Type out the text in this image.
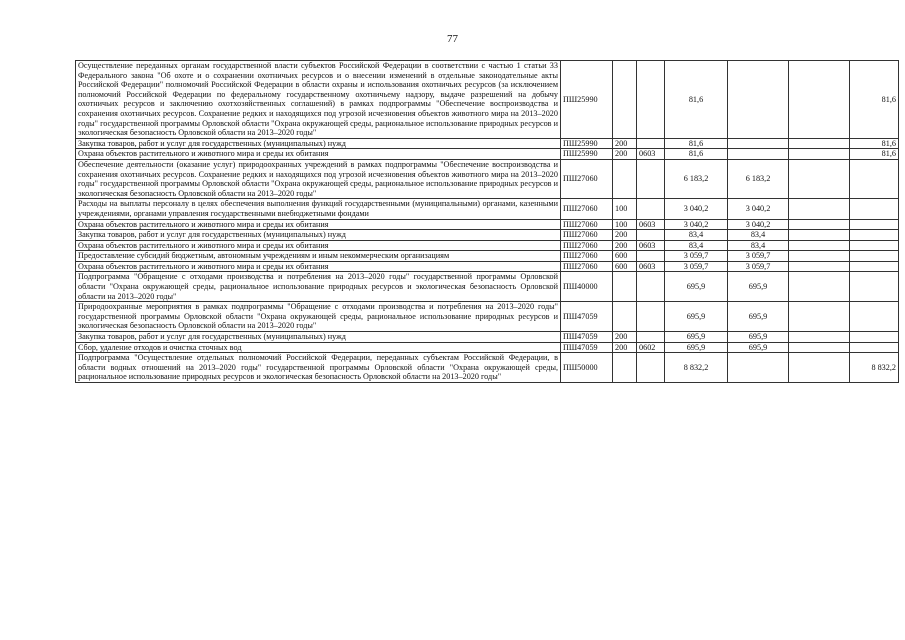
77
Осуществление переданных органам государственной власти субъектов Российской Федерации в соответствии с частью 1 статьи 33 Федерального закона "Об охоте и о сохранении охотничьих ресурсов и о внесении изменений в отдельные законодательные акты Российской Федерации" полномочий Российской Федерации в области охраны и использования охотничьих ресурсов (за исключением полномочий Российской Федерации по федеральному государственному охотничьему надзору, выдаче разрешений на добычу охотничьих ресурсов и заключению охотхозяйственных соглашений) в рамках подпрограммы "Обеспечение воспроизводства и сохранения охотничьих ресурсов. Сохранение редких и находящихся под угрозой исчезновения объектов животного мира на 2013–2020 годы" государственной программы Орловской области "Охрана окружающей среды, рациональное использование природных ресурсов и экологическая безопасность Орловской области на 2013–2020 годы"	ПШ25990			81,6			81,6
Закупка товаров, работ и услуг для государственных (муниципальных) нужд	ПШ25990	200		81,6			81,6
Охрана объектов растительного и животного мира и среды их обитания	ПШ25990	200	0603	81,6			81,6
Обеспечение деятельности (оказание услуг) природоохранных учреждений в рамках подпрограммы "Обеспечение воспроизводства и сохранения охотничьих ресурсов. Сохранение редких и находящихся под угрозой исчезновения объектов животного мира на 2013–2020 годы" государственной программы Орловской области "Охрана окружающей среды, рациональное использование природных ресурсов и экологическая безопасность Орловской области на 2013–2020 годы"	ПШ27060			6 183,2	6 183,2		
Расходы на выплаты персоналу в целях обеспечения выполнения функций государственными (муниципальными) органами, казенными учреждениями, органами управления государственными внебюджетными фондами	ПШ27060	100		3 040,2	3 040,2		
Охрана объектов растительного и животного мира и среды их обитания	ПШ27060	100	0603	3 040,2	3 040,2		
Закупка товаров, работ и услуг для государственных (муниципальных) нужд	ПШ27060	200		83,4	83,4		
Охрана объектов растительного и животного мира и среды их обитания	ПШ27060	200	0603	83,4	83,4		
Предоставление субсидий бюджетным, автономным учреждениям и иным некоммерческим организациям	ПШ27060	600		3 059,7	3 059,7		
Охрана объектов растительного и животного мира и среды их обитания	ПШ27060	600	0603	3 059,7	3 059,7		
Подпрограмма "Обращение с отходами производства и потребления на 2013–2020 годы" государственной программы Орловской области "Охрана окружающей среды, рациональное использование природных ресурсов и экологическая безопасность Орловской области на 2013–2020 годы"	ПШ40000			695,9	695,9		
Природоохранные мероприятия в рамках подпрограммы "Обращение с отходами производства и потребления на 2013–2020 годы" государственной программы Орловской области "Охрана окружающей среды, рациональное использование природных ресурсов и экологическая безопасность Орловской области на 2013–2020 годы"	ПШ47059			695,9	695,9		
Закупка товаров, работ и услуг для государственных (муниципальных) нужд	ПШ47059	200		695,9	695,9		
Сбор, удаление отходов и очистка сточных вод	ПШ47059	200	0602	695,9	695,9		
Подпрограмма "Осуществление отдельных полномочий Российской Федерации, переданных субъектам Российской Федерации, в области водных отношений на 2013–2020 годы" государственной программы Орловской области "Охрана окружающей среды, рациональное использование природных ресурсов и экологическая безопасность Орловской области на 2013–2020 годы"	ПШ50000			8 832,2			8 832,2
